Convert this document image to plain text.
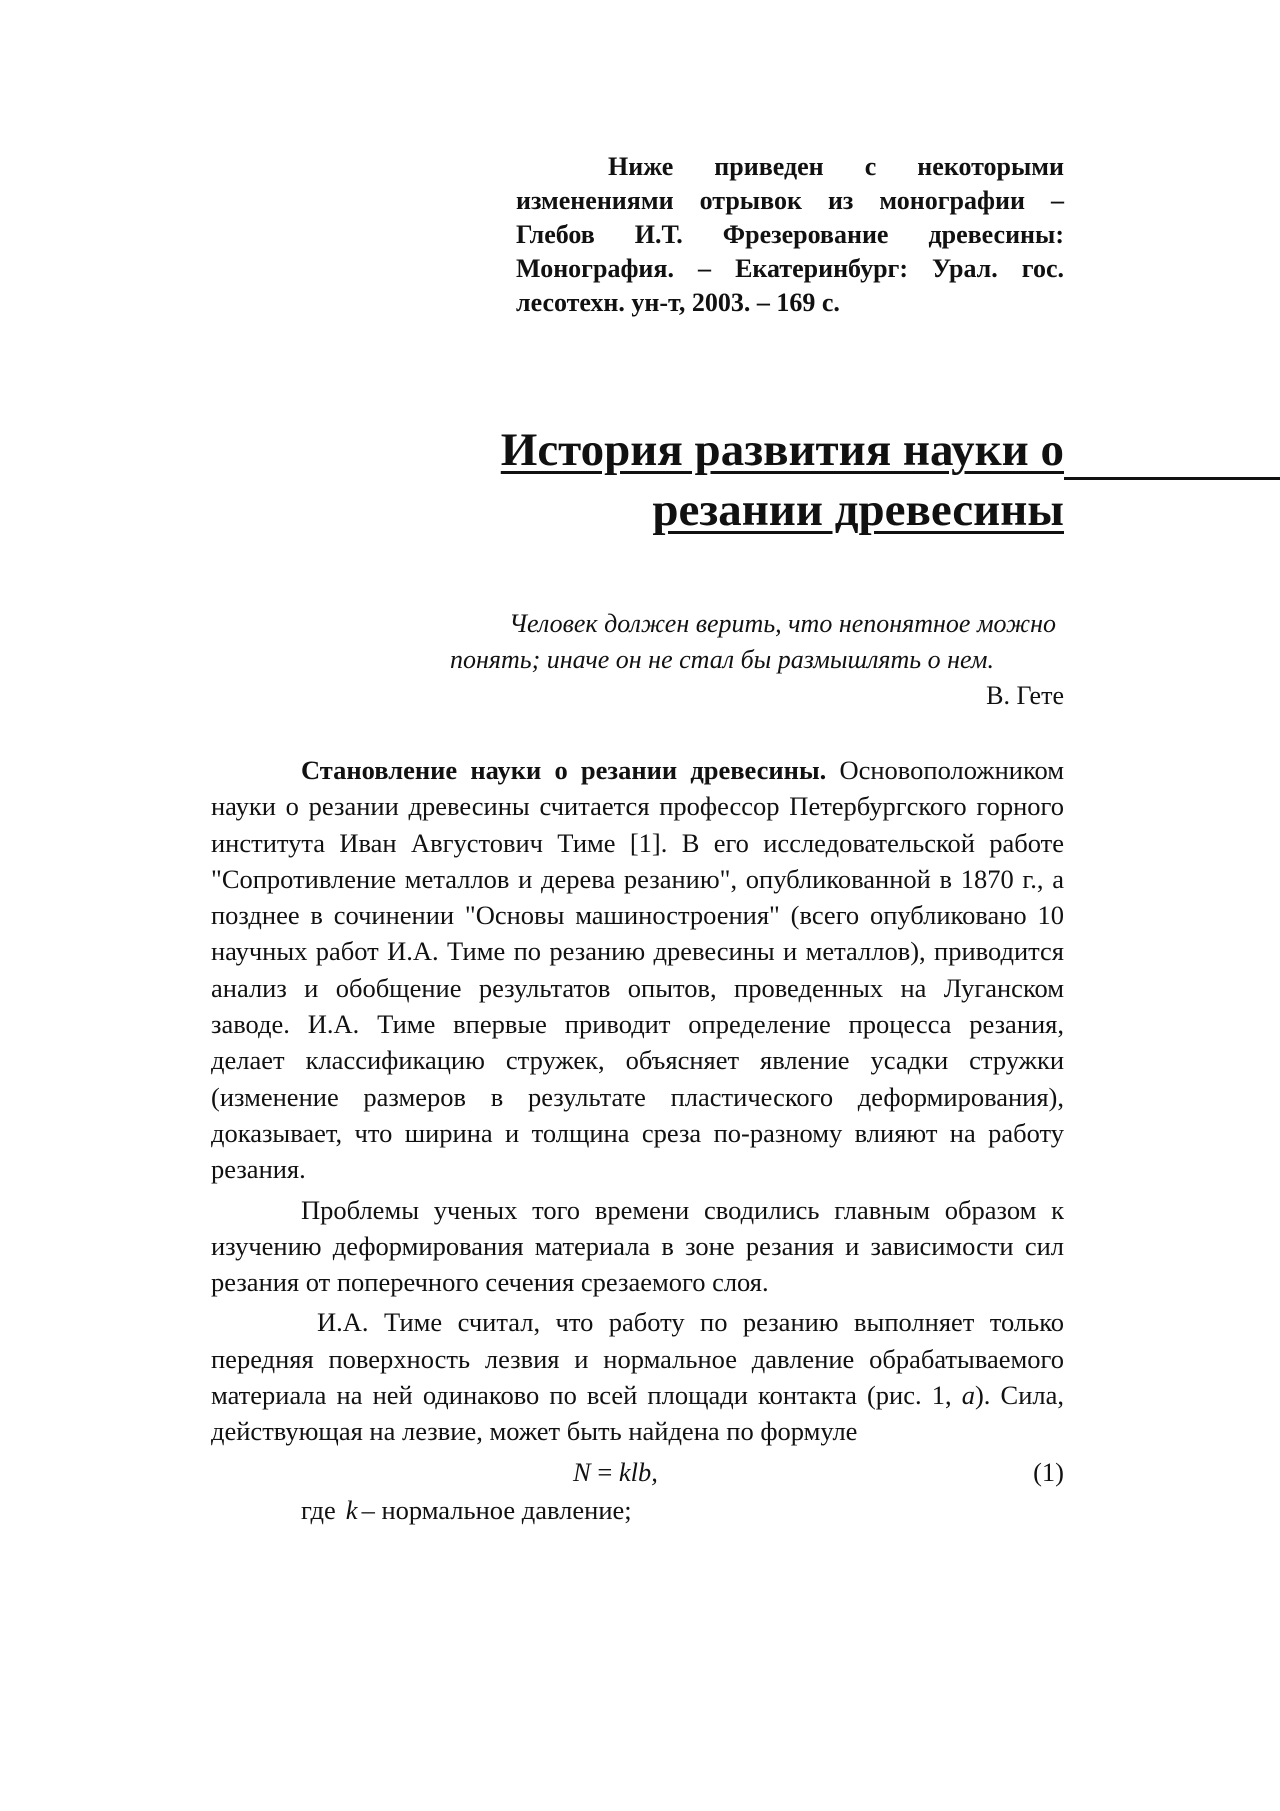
Ниже приведен с некоторыми изменениями отрывок из монографии – Глебов И.Т. Фрезерование древесины: Монография. – Екатеринбург: Урал. гос. лесотехн. ун-т, 2003. – 169 с.
История развития науки о
резании древесины
Человек должен верить, что непонятное можно
понять; иначе он не стал бы размышлять о нем.
В. Гете

Становление науки о резании древесины. Основоположником науки о резании древесины считается профессор Петербургского горного института Иван Августович Тиме [1]. В его исследовательской работе "Сопротивление металлов и дерева резанию", опубликованной в 1870 г., а позднее в сочинении "Основы машиностроения" (всего опубликовано 10 научных работ И.А. Тиме по резанию древесины и металлов), приводится анализ и обобщение результатов опытов, проведенных на Луганском заводе. И.А. Тиме впервые приводит определение процесса резания, делает классификацию стружек, объясняет явление усадки стружки (изменение размеров в результате пластического деформирования), доказывает, что ширина и толщина среза по-разному влияют на работу резания.

Проблемы ученых того времени сводились главным образом к изучению деформирования материала в зоне резания и зависимости сил резания от поперечного сечения срезаемого слоя.

И.А. Тиме считал, что работу по резанию выполняет только передняя поверхность лезвия и нормальное давление обрабатываемого материала на ней одинаково по всей площади контакта (рис. 1, а). Сила, действующая на лезвие, может быть найдена по формуле

N = klb,	(1)
где k – нормальное давление;
